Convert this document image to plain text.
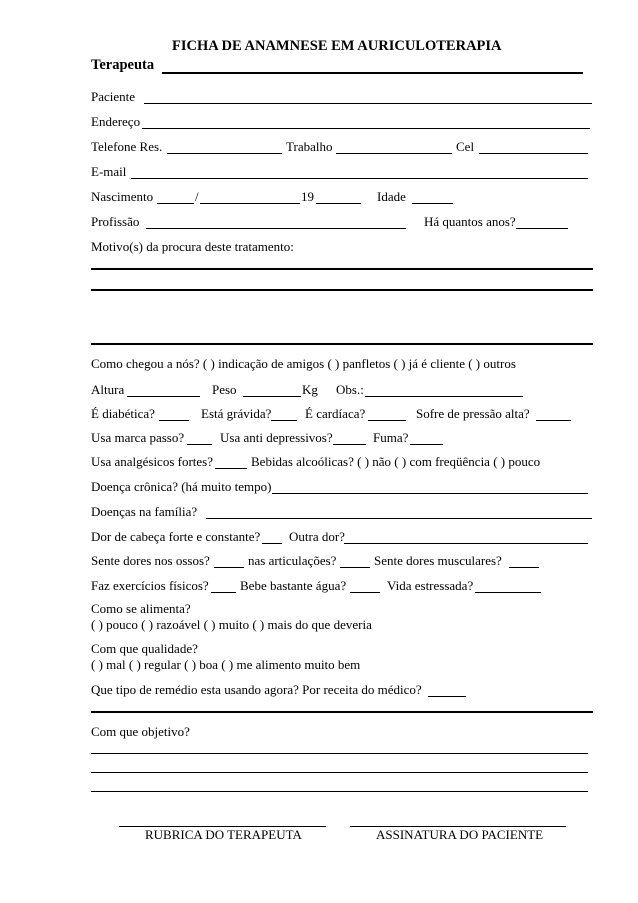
FICHA DE ANAMNESE EM AURICULOTERAPIA
Terapeuta
Paciente
Endereço
Telefone Res.	Trabalho	Cel
E-mail
Nascimento	/	19	Idade
Profissão	Há quantos anos?
Motivo(s) da procura deste tratamento:
Como chegou a nós? ( ) indicação de amigos ( ) panfletos ( ) já é cliente ( ) outros
Altura	Peso	Kg Obs.:
É diabética?	Está grávida?	É cardíaca?	Sofre de pressão alta?
Usa marca passo?	Usa anti depressivos?	Fuma?
Usa analgésicos fortes?	Bebidas alcoólicas? ( ) não ( ) com freqüência ( ) pouco
Doença crônica? (há muito tempo)
Doenças na família?
Dor de cabeça forte e constante? Outra dor?
Sente dores nos ossos?	nas articulações?	Sente dores musculares?
Faz exercícios físicos? Bebe bastante água?	Vida estressada?
Como se alimenta?
( ) pouco ( ) razoável ( ) muito ( ) mais do que deveria
Com que qualidade?
( ) mal ( ) regular ( ) boa ( ) me alimento muito bem
Que tipo de remédio esta usando agora? Por receita do médico?
Com que objetivo?
RUBRICA DO TERAPEUTA	ASSINATURA DO PACIENTE
